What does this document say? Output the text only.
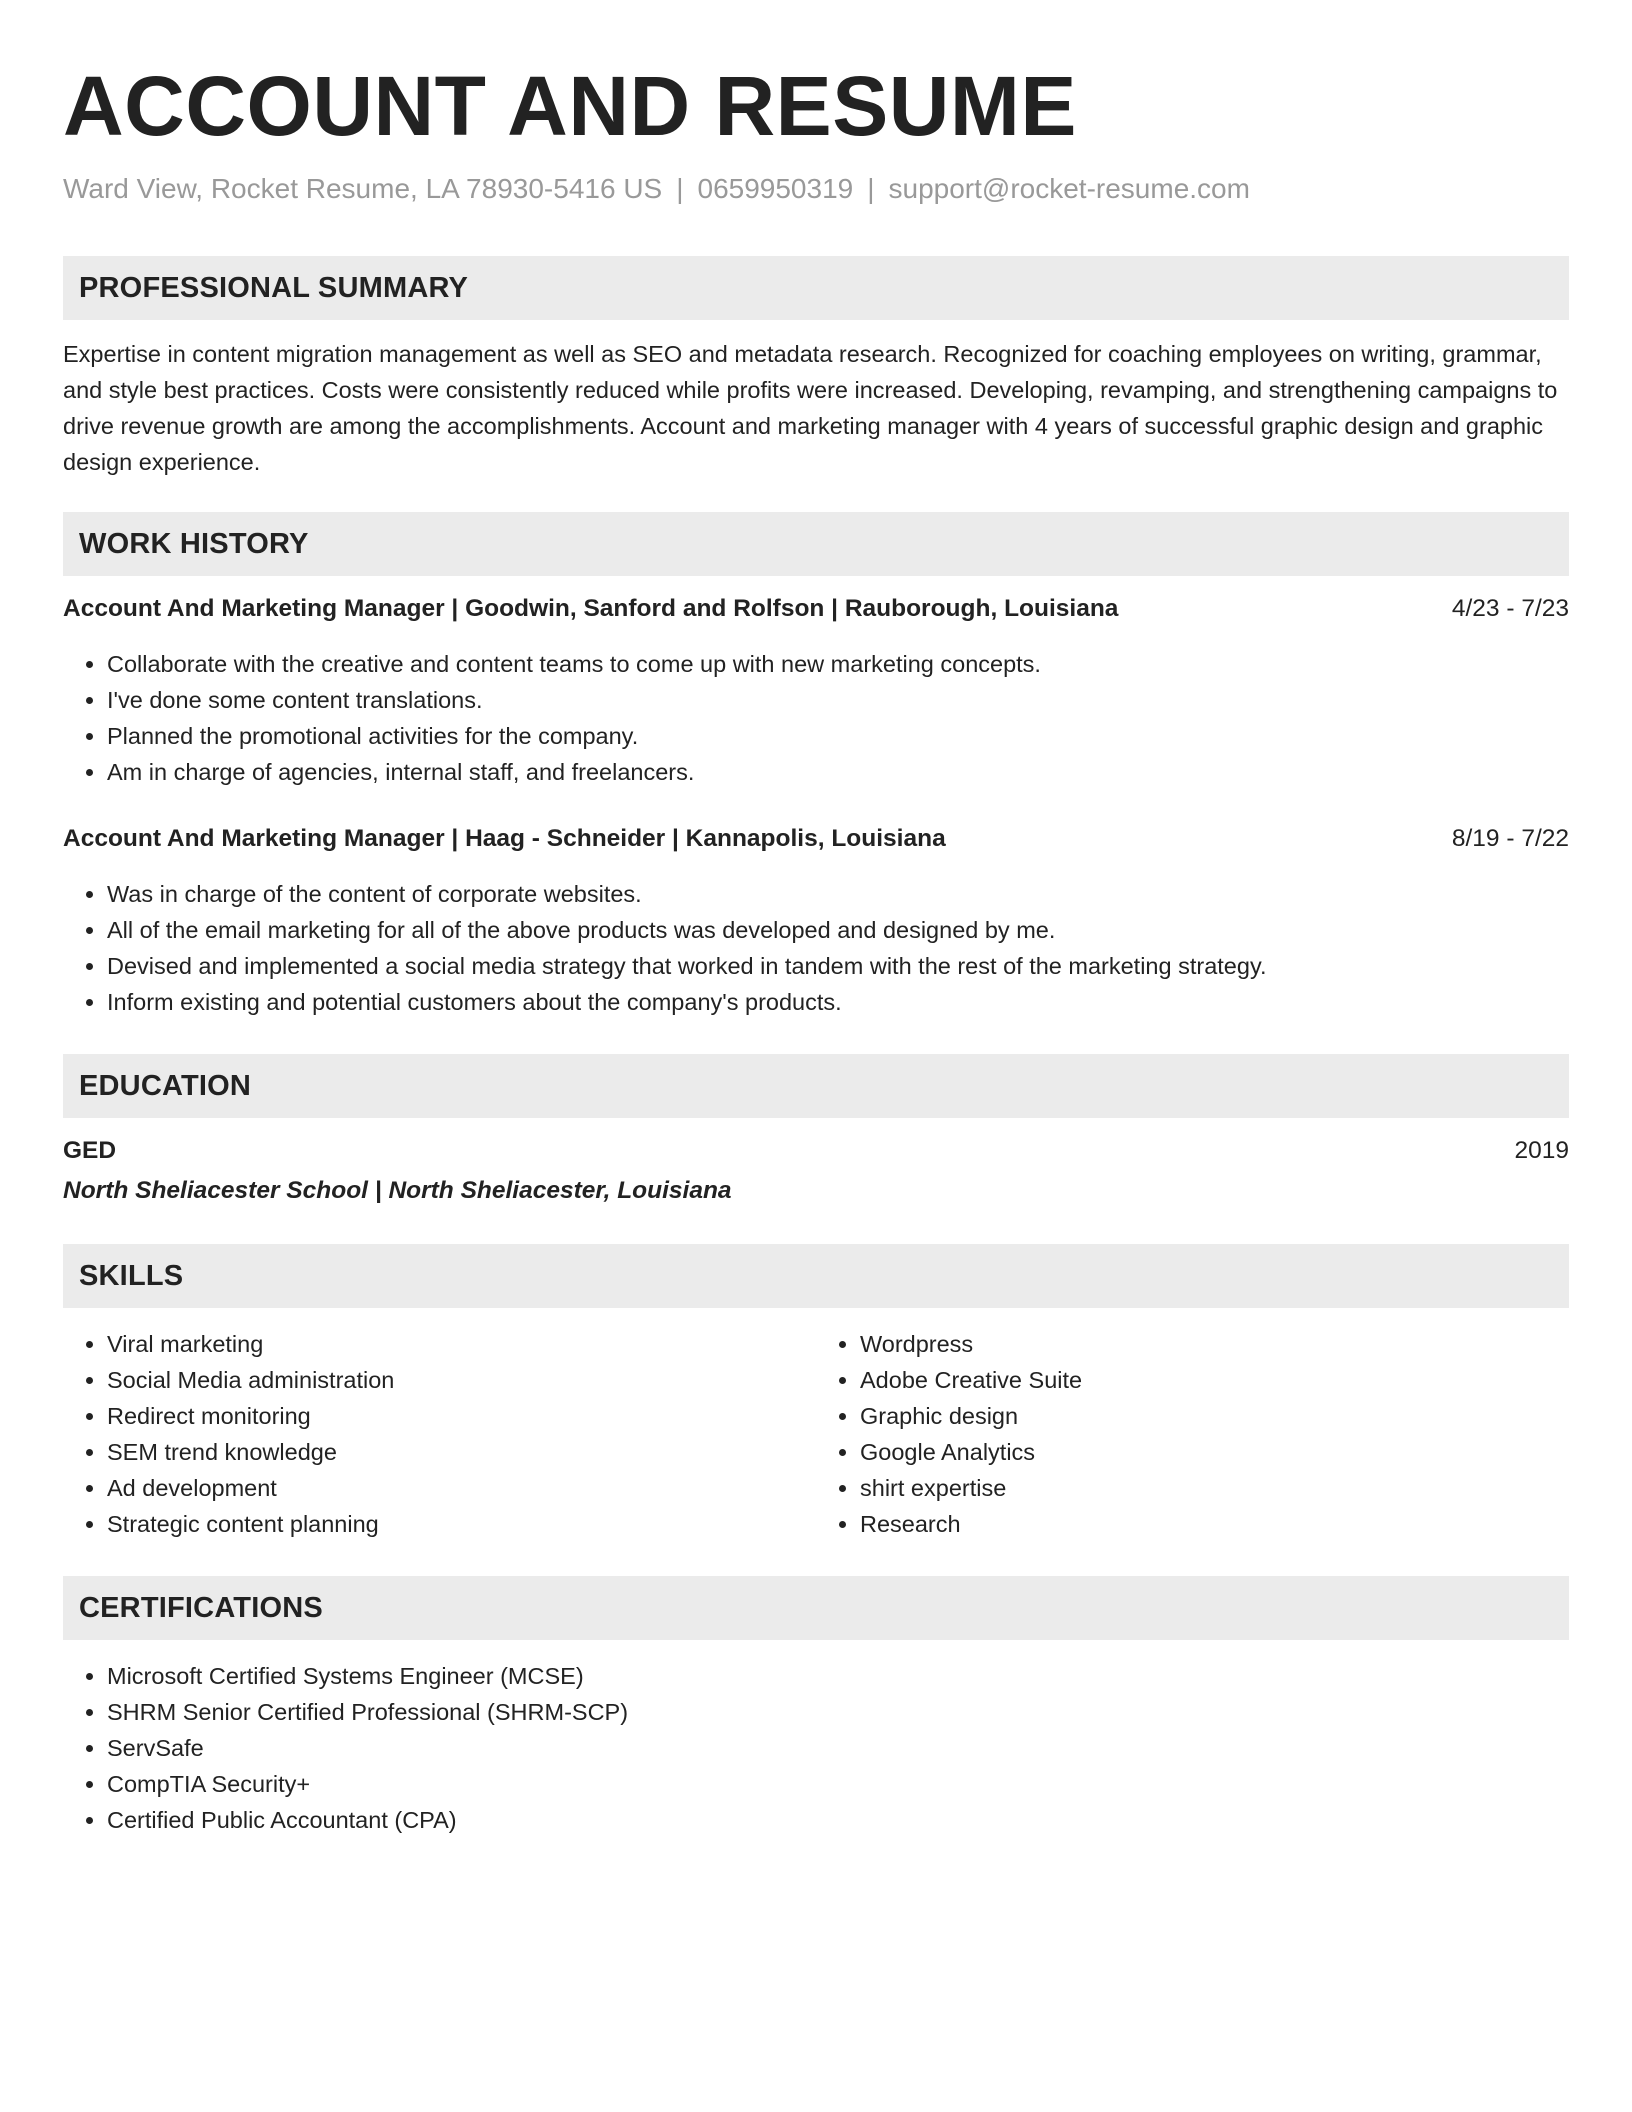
ACCOUNT AND RESUME
Ward View, Rocket Resume, LA 78930-5416 US | 0659950319 | support@rocket-resume.com
PROFESSIONAL SUMMARY

Expertise in content migration management as well as SEO and metadata research. Recognized for coaching employees on writing, grammar, and style best practices. Costs were consistently reduced while profits were increased. Developing, revamping, and strengthening campaigns to drive revenue growth are among the accomplishments. Account and marketing manager with 4 years of successful graphic design and graphic design experience.

WORK HISTORY
Account And Marketing Manager | Goodwin, Sanford and Rolfson | Rauborough, Louisiana	4/23 - 7/23
• Collaborate with the creative and content teams to come up with new marketing concepts.
• I've done some content translations.
• Planned the promotional activities for the company.
• Am in charge of agencies, internal staff, and freelancers.
Account And Marketing Manager | Haag - Schneider | Kannapolis, Louisiana	8/19 - 7/22
• Was in charge of the content of corporate websites.
• All of the email marketing for all of the above products was developed and designed by me.
• Devised and implemented a social media strategy that worked in tandem with the rest of the marketing strategy.
• Inform existing and potential customers about the company's products.
EDUCATION
GED	2019
North Sheliacester School | North Sheliacester, Louisiana
SKILLS
• Viral marketing
• Social Media administration
• Redirect monitoring
• SEM trend knowledge
• Ad development
• Strategic content planning
• Wordpress
• Adobe Creative Suite
• Graphic design
• Google Analytics
• shirt expertise
• Research
CERTIFICATIONS
• Microsoft Certified Systems Engineer (MCSE)
• SHRM Senior Certified Professional (SHRM-SCP)
• ServSafe
• CompTIA Security+
• Certified Public Accountant (CPA)
